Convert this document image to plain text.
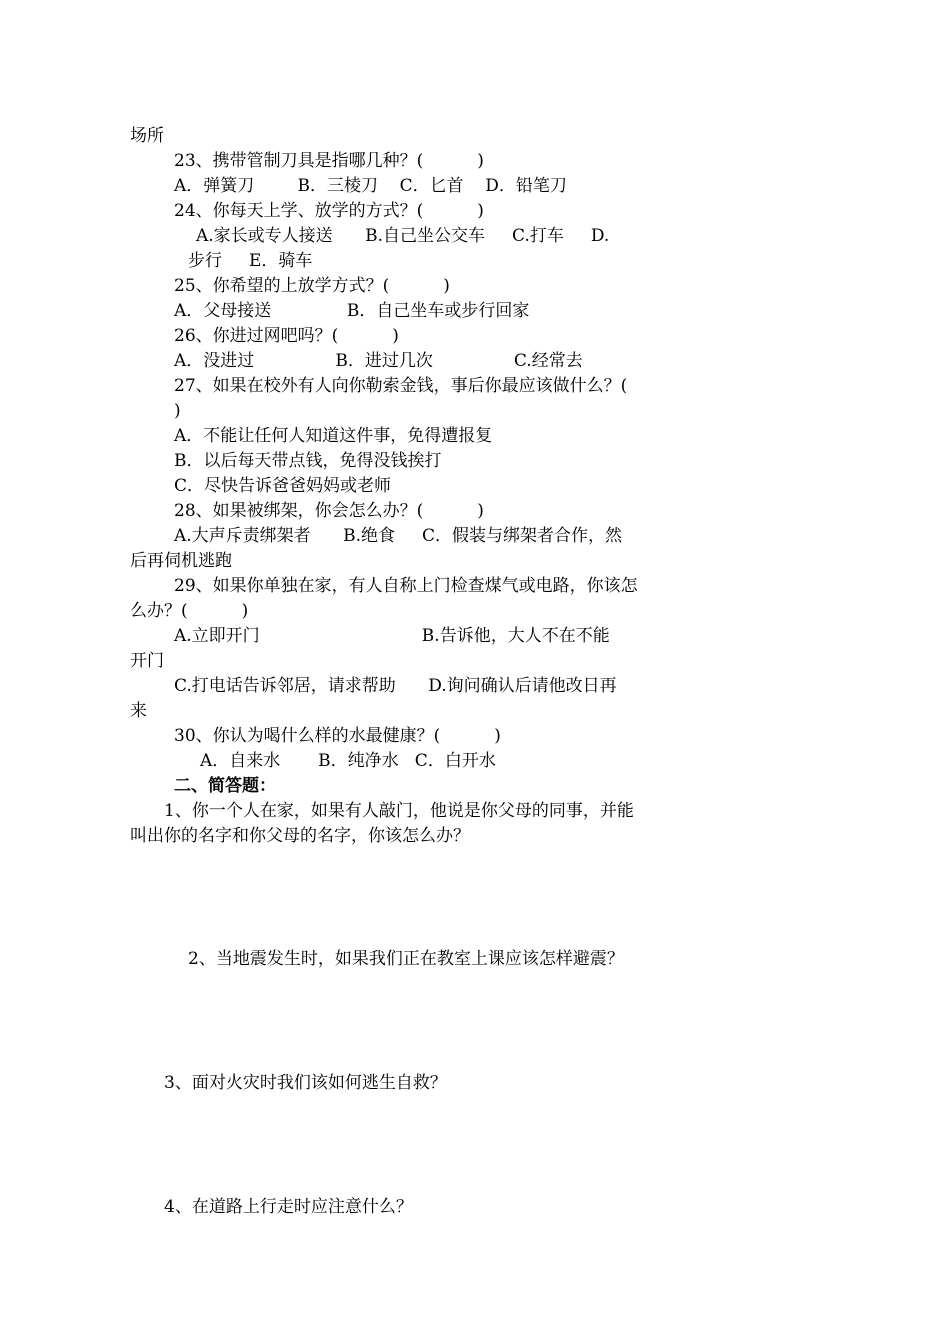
场所
23、携带管制刀具是指哪几种？(          )
A．弹簧刀        B．三棱刀    C．匕首    D．铅笔刀
24、你每天上学、放学的方式？(          )
A.家长或专人接送      B.自己坐公交车     C.打车     D.
步行     E．骑车
25、你希望的上放学方式？(          )
A．父母接送              B．自己坐车或步行回家
26、你进过网吧吗？(          )
A．没进过               B．进过几次               C.经常去
27、如果在校外有人向你勒索金钱，事后你最应该做什么？(
)
A．不能让任何人知道这件事，免得遭报复
B．以后每天带点钱，免得没钱挨打
C．尽快告诉爸爸妈妈或老师
28、如果被绑架，你会怎么办？(          )
A.大声斥责绑架者      B.绝食     C．假装与绑架者合作，然
后再伺机逃跑
29、如果你单独在家，有人自称上门检查煤气或电路，你该怎
么办？(          )
A.立即开门                              B.告诉他，大人不在不能
开门
C.打电话告诉邻居，请求帮助      D.询问确认后请他改日再
来
30、你认为喝什么样的水最健康？(          )
A．自来水       B．纯净水   C．白开水
二、简答题：
1、你一个人在家，如果有人敲门，他说是你父母的同事，并能
叫出你的名字和你父母的名字，你该怎么办？
2、当地震发生时，如果我们正在教室上课应该怎样避震？
3、面对火灾时我们该如何逃生自救？
4、在道路上行走时应注意什么？
